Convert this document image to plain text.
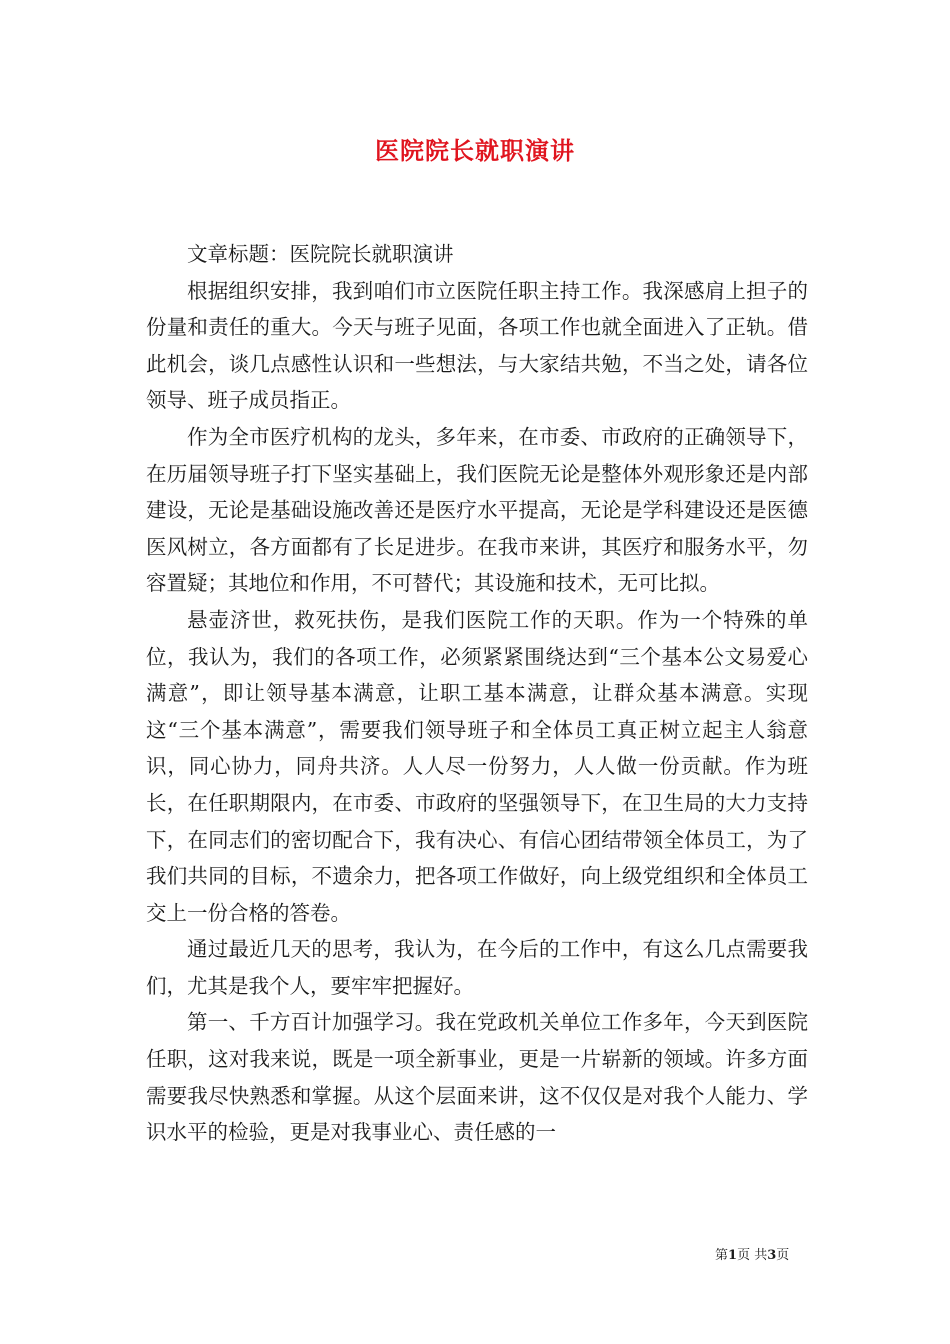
医院院长就职演讲

文章标题：医院院长就职演讲

根据组织安排，我到咱们市立医院任职主持工作。我深感肩上担子的份量和责任的重大。今天与班子见面，各项工作也就全面进入了正轨。借此机会，谈几点感性认识和一些想法，与大家结共勉，不当之处，请各位领导、班子成员指正。

作为全市医疗机构的龙头，多年来，在市委、市政府的正确领导下，在历届领导班子打下坚实基础上，我们医院无论是整体外观形象还是内部建设，无论是基础设施改善还是医疗水平提高，无论是学科建设还是医德医风树立，各方面都有了长足进步。在我市来讲，其医疗和服务水平，勿容置疑；其地位和作用，不可替代；其设施和技术，无可比拟。

悬壶济世，救死扶伤，是我们医院工作的天职。作为一个特殊的单位，我认为，我们的各项工作，必须紧紧围绕达到“三个基本公文易爱心满意”，即让领导基本满意，让职工基本满意，让群众基本满意。实现这“三个基本满意”，需要我们领导班子和全体员工真正树立起主人翁意识，同心协力，同舟共济。人人尽一份努力，人人做一份贡献。作为班长，在任职期限内，在市委、市政府的坚强领导下，在卫生局的大力支持下，在同志们的密切配合下，我有决心、有信心团结带领全体员工，为了我们共同的目标，不遗余力，把各项工作做好，向上级党组织和全体员工交上一份合格的答卷。

通过最近几天的思考，我认为，在今后的工作中，有这么几点需要我们，尤其是我个人，要牢牢把握好。

第一、千方百计加强学习。我在党政机关单位工作多年，今天到医院任职，这对我来说，既是一项全新事业，更是一片崭新的领域。许多方面需要我尽快熟悉和掌握。从这个层面来讲，这不仅仅是对我个人能力、学识水平的检验，更是对我事业心、责任感的一

第1页 共3页
